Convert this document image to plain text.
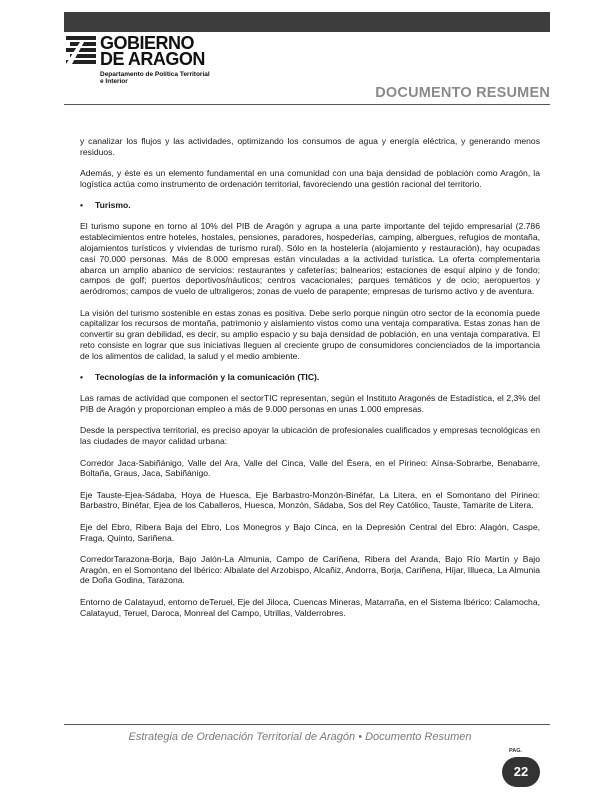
GOBIERNO
DE ARAGON
Departamento de Política Territorial
e Interior
DOCUMENTO RESUMEN

y canalizar los flujos y las actividades, optimizando los consumos de agua y energía eléctrica, y generando menos residuos.

Además, y éste es un elemento fundamental en una comunidad con una baja densidad de población como Aragón, la logística actúa como instrumento de ordenación territorial, favoreciendo una gestión racional del territorio.

• Turismo.

El turismo supone en torno al 10% del PIB de Aragón y agrupa a una parte importante del tejido empresarial (2.786 establecimientos entre hoteles, hostales, pensiones, paradores, hospederías, camping, albergues, refugios de montaña, alojamientos turísticos y viviendas de turismo rural). Sólo en la hostelería (alojamiento y restauración), hay ocupadas casi 70.000 personas. Más de 8.000 empresas están vinculadas a la actividad turística. La oferta complementaria abarca un amplio abanico de servicios: restaurantes y cafeterías; balnearios; estaciones de esquí alpino y de fondo; campos de golf; puertos deportivos/náuticos; centros vacacionales; parques temáticos y de ocio; aeropuertos y aeródromos; campos de vuelo de ultraligeros; zonas de vuelo de parapente; empresas de turismo activo y de aventura.

La visión del turismo sostenible en estas zonas es positiva. Debe serlo porque ningún otro sector de la economía puede capitalizar los recursos de montaña, patrimonio y aislamiento vistos como una ventaja comparativa. Estas zonas han de convertir su gran debilidad, es decir, su amplio espacio y su baja densidad de población, en una ventaja comparativa. El reto consiste en lograr que sus iniciativas lleguen al creciente grupo de consumidores concienciados de la importancia de los alimentos de calidad, la salud y el medio ambiente.

• Tecnologías de la información y la comunicación (TIC).

Las ramas de actividad que componen el sectorTIC representan, según el Instituto Aragonés de Estadística, el 2,3% del PIB de Aragón y proporcionan empleo a más de 9.000 personas en unas 1.000 empresas.

Desde la perspectiva territorial, es preciso apoyar la ubicación de profesionales cualificados y empresas tecnológicas en las ciudades de mayor calidad urbana:

Corredor Jaca-Sabiñánigo, Valle del Ara, Valle del Cinca, Valle del Ésera, en el Pirineo: Aínsa-Sobrarbe, Benabarre, Boltaña, Graus, Jaca, Sabiñánigo.

Eje Tauste-Ejea-Sádaba, Hoya de Huesca, Eje Barbastro-Monzón-Binéfar, La Litera, en el Somontano del Pirineo: Barbastro, Binéfar, Ejea de los Caballeros, Huesca, Monzón, Sádaba, Sos del Rey Católico, Tauste, Tamarite de Litera.

Eje del Ebro, Ribera Baja del Ebro, Los Monegros y Bajo Cinca, en la Depresión Central del Ebro: Alagón, Caspe, Fraga, Quinto, Sariñena.

CorredorTarazona-Borja, Bajo Jalón-La Almunia, Campo de Cariñena, Ribera del Aranda, Bajo Río Martín y Bajo Aragón, en el Somontano del Ibérico: Albalate del Arzobispo, Alcañiz, Andorra, Borja, Cariñena, Híjar, Illueca, La Almunia de Doña Godina, Tarazona.

Entorno de Calatayud, entorno deTeruel, Eje del Jiloca, Cuencas Mineras, Matarraña, en el Sistema Ibérico: Calamocha, Calatayud, Teruel, Daroca, Monreal del Campo, Utrillas, Valderrobres.

Estrategia de Ordenación Territorial de Aragón • Documento Resumen
PAG.
22
